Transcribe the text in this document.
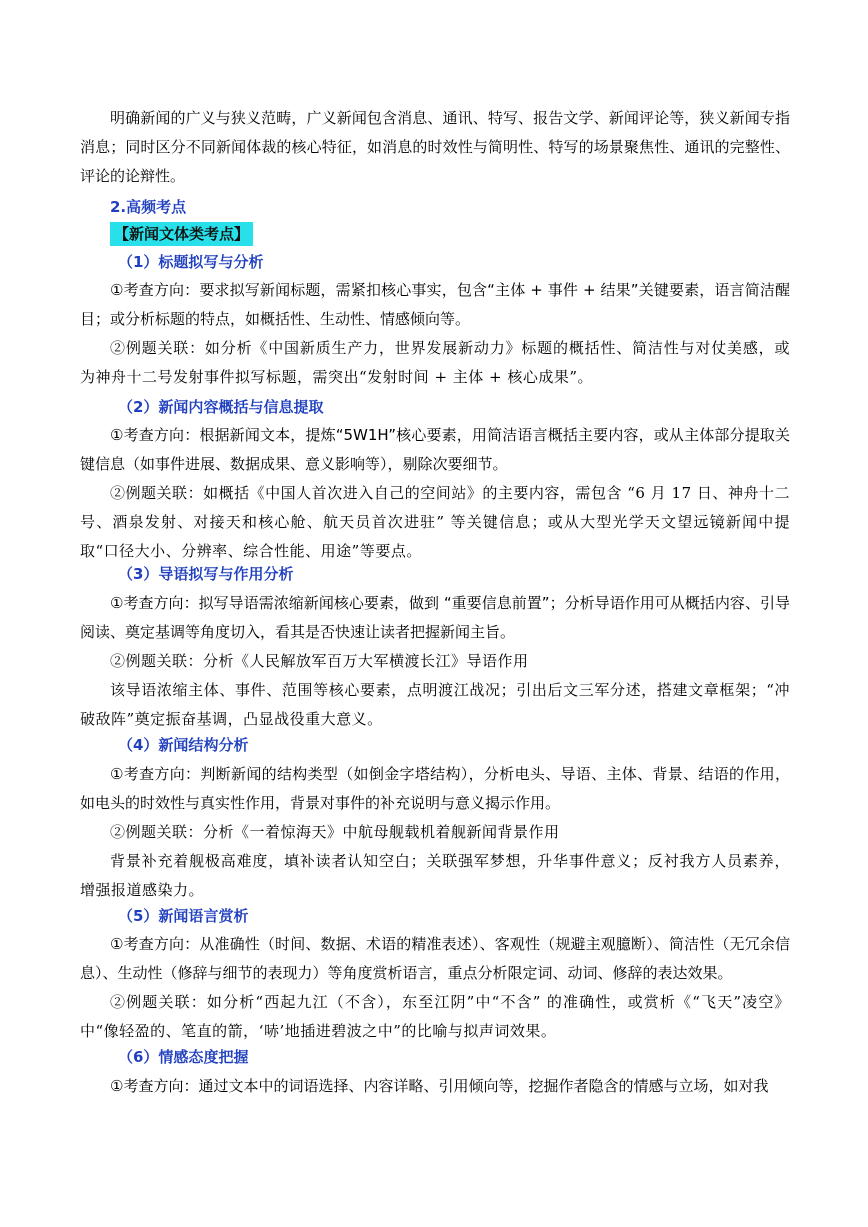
明确新闻的广义与狭义范畴，广义新闻包含消息、通讯、特写、报告文学、新闻评论等，狭义新闻专指消息；同时区分不同新闻体裁的核心特征，如消息的时效性与简明性、特写的场景聚焦性、通讯的完整性、评论的论辩性。
2.高频考点
【新闻文体类考点】
（1）标题拟写与分析
①考查方向：要求拟写新闻标题，需紧扣核心事实，包含“主体 + 事件 + 结果”关键要素，语言简洁醒目；或分析标题的特点，如概括性、生动性、情感倾向等。
②例题关联：如分析《中国新质生产力，世界发展新动力》标题的概括性、简洁性与对仗美感，或为神舟十二号发射事件拟写标题，需突出“发射时间 + 主体 + 核心成果”。
（2）新闻内容概括与信息提取
①考查方向：根据新闻文本，提炼“5W1H”核心要素，用简洁语言概括主要内容，或从主体部分提取关键信息（如事件进展、数据成果、意义影响等），剔除次要细节。
②例题关联：如概括《中国人首次进入自己的空间站》的主要内容，需包含 “6 月 17 日、神舟十二号、酒泉发射、对接天和核心舱、航天员首次进驻” 等关键信息；或从大型光学天文望远镜新闻中提取“口径大小、分辨率、综合性能、用途”等要点。
（3）导语拟写与作用分析
①考查方向：拟写导语需浓缩新闻核心要素，做到 “重要信息前置”；分析导语作用可从概括内容、引导阅读、奠定基调等角度切入，看其是否快速让读者把握新闻主旨。
②例题关联：分析《人民解放军百万大军横渡长江》导语作用
该导语浓缩主体、事件、范围等核心要素，点明渡江战况；引出后文三军分述，搭建文章框架；“冲破敌阵”奠定振奋基调，凸显战役重大意义。
（4）新闻结构分析
①考查方向：判断新闻的结构类型（如倒金字塔结构），分析电头、导语、主体、背景、结语的作用，如电头的时效性与真实性作用，背景对事件的补充说明与意义揭示作用。
②例题关联：分析《一着惊海天》中航母舰载机着舰新闻背景作用
背景补充着舰极高难度，填补读者认知空白；关联强军梦想，升华事件意义；反衬我方人员素养，增强报道感染力。
（5）新闻语言赏析
①考查方向：从准确性（时间、数据、术语的精准表述）、客观性（规避主观臆断）、简洁性（无冗余信息）、生动性（修辞与细节的表现力）等角度赏析语言，重点分析限定词、动词、修辞的表达效果。
②例题关联：如分析“西起九江（不含），东至江阴”中“不含” 的准确性，或赏析《“飞天”凌空》中“像轻盈的、笔直的箭，‘哧’地插进碧波之中”的比喻与拟声词效果。
（6）情感态度把握
①考查方向：通过文本中的词语选择、内容详略、引用倾向等，挖掘作者隐含的情感与立场，如对我
